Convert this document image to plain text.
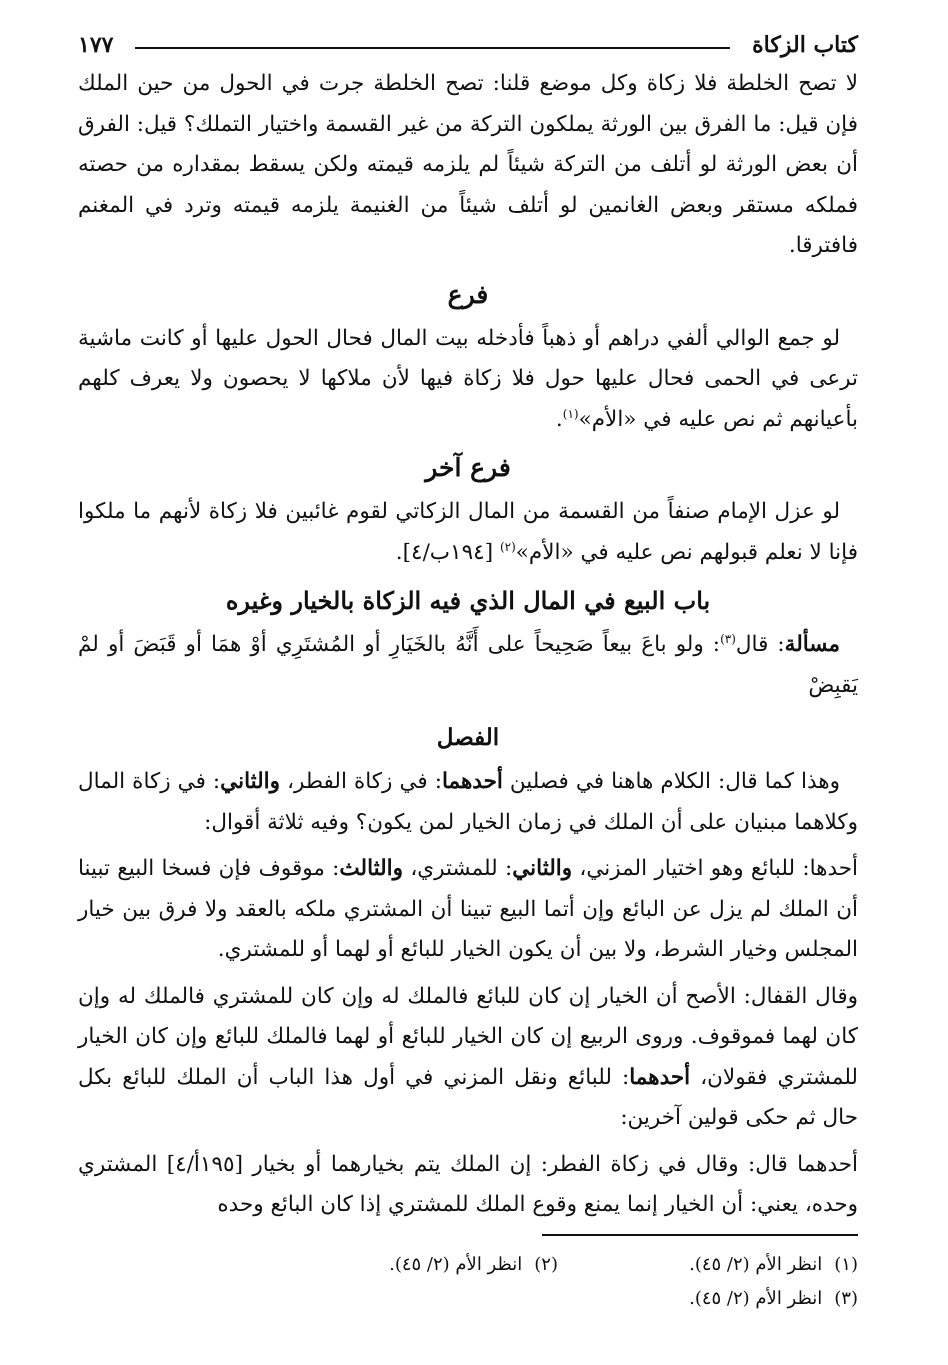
كتاب الزكاة
١٧٧

لا تصح الخلطة فلا زكاة وكل موضع قلنا: تصح الخلطة جرت في الحول من حين الملك فإن قيل: ما الفرق بين الورثة يملكون التركة من غير القسمة واختيار التملك؟ قيل: الفرق أن بعض الورثة لو أتلف من التركة شيئاً لم يلزمه قيمته ولكن يسقط بمقداره من حصته فملكه مستقر وبعض الغانمين لو أتلف شيئاً من الغنيمة يلزمه قيمته وترد في المغنم فافترقا.

فرع

لو جمع الوالي ألفي دراهم أو ذهباً فأدخله بيت المال فحال الحول عليها أو كانت ماشية ترعى في الحمى فحال عليها حول فلا زكاة فيها لأن ملاكها لا يحصون ولا يعرف كلهم بأعيانهم ثم نص عليه في «الأم»$^{(١)}$.

فرع آخر

لو عزل الإمام صنفاً من القسمة من المال الزكاتي لقوم غائبين فلا زكاة لأنهم ما ملكوا فإنا لا نعلم قبولهم نص عليه في «الأم»$^{(٢)}$ [١٩٤ب/٤].

باب البيع في المال الذي فيه الزكاة بالخيار وغيره

مسألة: قال$^{(٣)}$: ولو باعَ بيعاً صَحِيحاً على أَنَّهُ بالخَيَارِ أو المُشتَرِي أوْ همَا أو قَبَضَ أو لمْ يَقبِضْ

الفصل

وهذا كما قال: الكلام هاهنا في فصلين أحدهما: في زكاة الفطر، والثاني: في زكاة المال وكلاهما مبنيان على أن الملك في زمان الخيار لمن يكون؟ وفيه ثلاثة أقوال:

أحدها: للبائع وهو اختيار المزني، والثاني: للمشتري، والثالث: موقوف فإن فسخا البيع تبينا أن الملك لم يزل عن البائع وإن أتما البيع تبينا أن المشتري ملكه بالعقد ولا فرق بين خيار المجلس وخيار الشرط، ولا بين أن يكون الخيار للبائع أو لهما أو للمشتري.

وقال القفال: الأصح أن الخيار إن كان للبائع فالملك له وإن كان للمشتري فالملك له وإن كان لهما فموقوف. وروى الربيع إن كان الخيار للبائع أو لهما فالملك للبائع وإن كان الخيار للمشتري فقولان، أحدهما: للبائع ونقل المزني في أول هذا الباب أن الملك للبائع بكل حال ثم حكى قولين آخرين:

أحدهما قال: وقال في زكاة الفطر: إن الملك يتم بخيارهما أو بخيار [١٩٥أ/٤] المشتري وحده، يعني: أن الخيار إنما يمنع وقوع الملك للمشتري إذا كان البائع وحده

(١)انظر الأم (٢/ ٤٥).
(٢)انظر الأم (٢/ ٤٥).
(٣)انظر الأم (٢/ ٤٥).
